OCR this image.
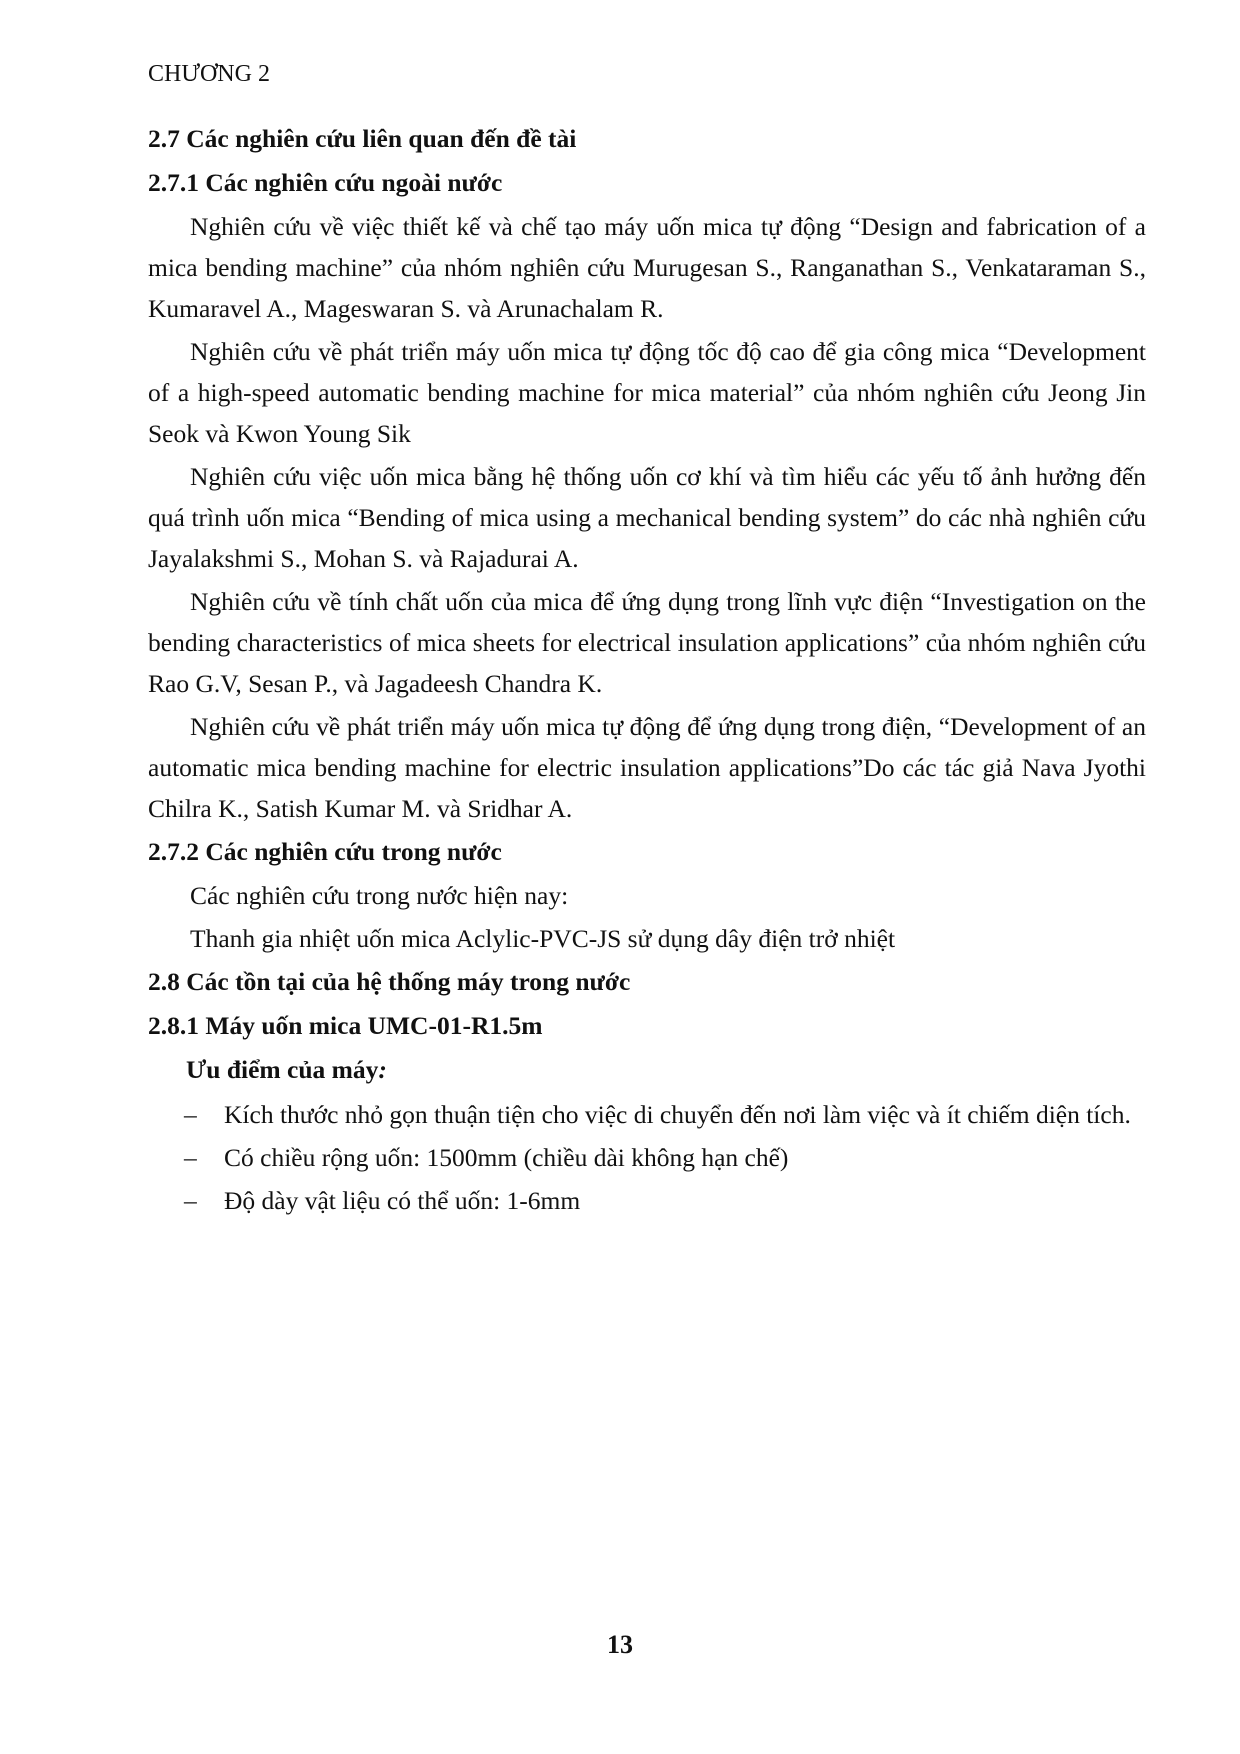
CHƯƠNG 2
2.7 Các nghiên cứu liên quan đến đề tài
2.7.1 Các nghiên cứu ngoài nước

Nghiên cứu về việc thiết kế và chế tạo máy uốn mica tự động “Design and fabrication of a mica bending machine” của nhóm nghiên cứu Murugesan S., Ranganathan S., Venkataraman S., Kumaravel A., Mageswaran S. và Arunachalam R.

Nghiên cứu về phát triển máy uốn mica tự động tốc độ cao để gia công mica “Development of a high-speed automatic bending machine for mica material” của nhóm nghiên cứu Jeong Jin Seok và Kwon Young Sik

Nghiên cứu việc uốn mica bằng hệ thống uốn cơ khí và tìm hiểu các yếu tố ảnh hưởng đến quá trình uốn mica “Bending of mica using a mechanical bending system” do các nhà nghiên cứu Jayalakshmi S., Mohan S. và Rajadurai A.

Nghiên cứu về tính chất uốn của mica để ứng dụng trong lĩnh vực điện “Investigation on the bending characteristics of mica sheets for electrical insulation applications” của nhóm nghiên cứu Rao G.V, Sesan P., và Jagadeesh Chandra K.

Nghiên cứu về phát triển máy uốn mica tự động để ứng dụng trong điện, “Development of an automatic mica bending machine for electric insulation applications”Do các tác giả Nava Jyothi Chilra K., Satish Kumar M. và Sridhar A.

2.7.2 Các nghiên cứu trong nước
Các nghiên cứu trong nước hiện nay:
Thanh gia nhiệt uốn mica Aclylic-PVC-JS sử dụng dây điện trở nhiệt
2.8 Các tồn tại của hệ thống máy trong nước
2.8.1 Máy uốn mica UMC-01-R1.5m
Ưu điểm của máy:
– Kích thước nhỏ gọn thuận tiện cho việc di chuyển đến nơi làm việc và ít chiếm diện tích.
– Có chiều rộng uốn: 1500mm (chiều dài không hạn chế)
– Độ dày vật liệu có thể uốn: 1-6mm
13
